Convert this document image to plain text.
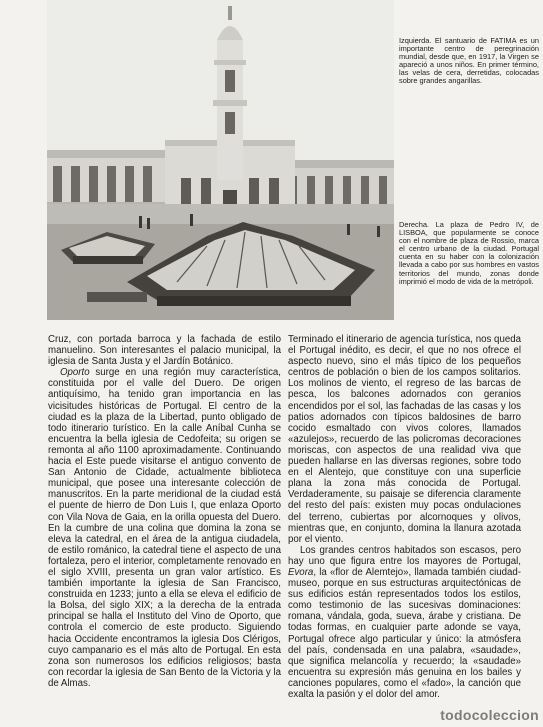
Izquierda. El santuario de FATIMA es un importante centro de peregrinación mundial, desde que, en 1917, la Virgen se apareció a unos niños. En primer término, las velas de cera, derretidas, colocadas sobre grandes angarillas.

Derecha. La plaza de Pedro IV, de LISBOA, que popularmente se conoce con el nombre de plaza de Rossio, marca el centro urbano de la ciudad. Portugal cuenta en su haber con la colonización llevada a cabo por sus hombres en vastos territorios del mundo, zonas donde imprimió el modo de vida de la metrópoli.

Cruz, con portada barroca y la fachada de estilo manuelino. Son interesantes el palacio municipal, la iglesia de Santa Justa y el Jardín Botánico.

Oporto surge en una región muy característica, constituida por el valle del Duero. De origen antiquísimo, ha tenido gran importancia en las vicisitudes históricas de Portugal. El centro de la ciudad es la plaza de la Libertad, punto obligado de todo itinerario turístico. En la calle Aníbal Cunha se encuentra la bella iglesia de Cedofeita; su origen se remonta al año 1100 aproximadamente. Continuando hacia el Este puede visitarse el antiguo convento de San Antonio de Cidade, actualmente biblioteca municipal, que posee una interesante colección de manuscritos. En la parte meridional de la ciudad está el puente de hierro de Don Luis I, que enlaza Oporto con Vila Nova de Gaia, en la orilla opuesta del Duero. En la cumbre de una colina que domina la zona se eleva la catedral, en el área de la antigua ciudadela, de estilo románico, la catedral tiene el aspecto de una fortaleza, pero el interior, completamente renovado en el siglo XVIII, presenta un gran valor artístico. Es también importante la iglesia de San Francisco, construida en 1233; junto a ella se eleva el edificio de la Bolsa, del siglo XIX; a la derecha de la entrada principal se halla el Instituto del Vino de Oporto, que controla el comercio de este producto. Siguiendo hacia Occidente encontramos la iglesia Dos Clérigos, cuyo campanario es el más alto de Portugal. En esta zona son numerosos los edificios religiosos; basta con recordar la iglesia de San Bento de la Victoria y la de Almas.

Terminado el itinerario de agencia turística, nos queda el Portugal inédito, es decir, el que no nos ofrece el aspecto nuevo, sino el más típico de los pequeños centros de población o bien de los campos solitarios. Los molinos de viento, el regreso de las barcas de pesca, los balcones adornados con geranios encendidos por el sol, las fachadas de las casas y los patios adornados con típicos baldosines de barro cocido esmaltado con vivos colores, llamados «azulejos», recuerdo de las policromas decoraciones moriscas, con aspectos de una realidad viva que pueden hallarse en las diversas regiones, sobre todo en el Alentejo, que constituye con una superficie plana la zona más conocida de Portugal. Verdaderamente, su paisaje se diferencia claramente del resto del país: existen muy pocas ondulaciones del terreno, cubiertas por alcornoques y olivos, mientras que, en conjunto, domina la llanura azotada por el viento.

Los grandes centros habitados son escasos, pero hay uno que figura entre los mayores de Portugal, Evora, la «flor de Alemtejo», llamada también ciudad-museo, porque en sus estructuras arquitectónicas de sus edificios están representados todos los estilos, como testimonio de las sucesivas dominaciones: romana, vándala, goda, sueva, árabe y cristiana. De todas formas, en cualquier parte adonde se vaya, Portugal ofrece algo particular y único: la atmósfera del país, condensada en una palabra, «saudade», que significa melancolía y recuerdo; la «saudade» encuentra su expresión más genuina en los bailes y canciones populares, como el «fado», la canción que exalta la pasión y el dolor del amor.

todocoleccion
